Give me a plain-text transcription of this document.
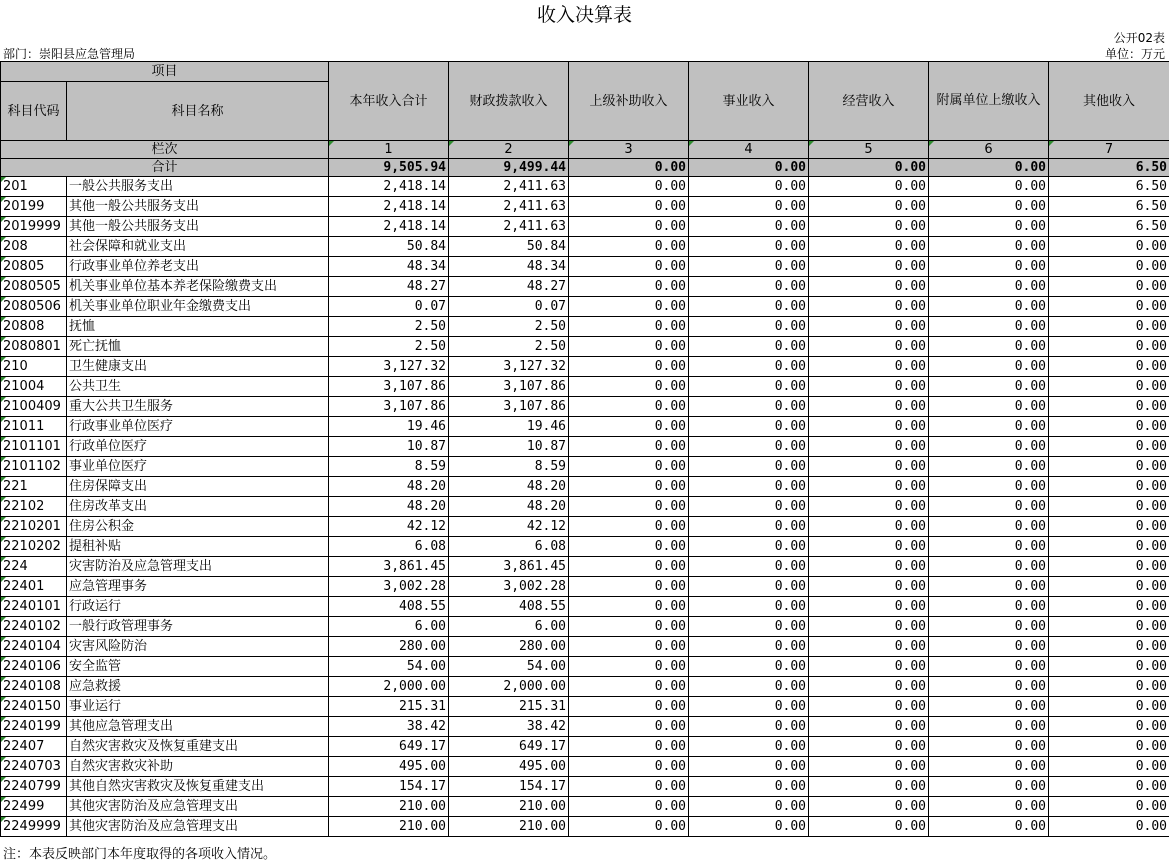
收入决算表
公开02表
部门：崇阳县应急管理局	单位：万元
项目		本年收入合计	财政拨款收入	上级补助收入	事业收入	经营收入	附属单位上缴收入	其他收入
科目代码	科目名称							
栏次		1	2	3	4	5	6	7
合计		9,505.94	9,499.44	0.00	0.00	0.00	0.00	6.50
201	一般公共服务支出	2,418.14	2,411.63	0.00	0.00	0.00	0.00	6.50
20199	其他一般公共服务支出	2,418.14	2,411.63	0.00	0.00	0.00	0.00	6.50
2019999	其他一般公共服务支出	2,418.14	2,411.63	0.00	0.00	0.00	0.00	6.50
208	社会保障和就业支出	50.84	50.84	0.00	0.00	0.00	0.00	0.00
20805	行政事业单位养老支出	48.34	48.34	0.00	0.00	0.00	0.00	0.00
2080505	机关事业单位基本养老保险缴费支出	48.27	48.27	0.00	0.00	0.00	0.00	0.00
2080506	机关事业单位职业年金缴费支出	0.07	0.07	0.00	0.00	0.00	0.00	0.00
20808	抚恤	2.50	2.50	0.00	0.00	0.00	0.00	0.00
2080801	死亡抚恤	2.50	2.50	0.00	0.00	0.00	0.00	0.00
210	卫生健康支出	3,127.32	3,127.32	0.00	0.00	0.00	0.00	0.00
21004	公共卫生	3,107.86	3,107.86	0.00	0.00	0.00	0.00	0.00
2100409	重大公共卫生服务	3,107.86	3,107.86	0.00	0.00	0.00	0.00	0.00
21011	行政事业单位医疗	19.46	19.46	0.00	0.00	0.00	0.00	0.00
2101101	行政单位医疗	10.87	10.87	0.00	0.00	0.00	0.00	0.00
2101102	事业单位医疗	8.59	8.59	0.00	0.00	0.00	0.00	0.00
221	住房保障支出	48.20	48.20	0.00	0.00	0.00	0.00	0.00
22102	住房改革支出	48.20	48.20	0.00	0.00	0.00	0.00	0.00
2210201	住房公积金	42.12	42.12	0.00	0.00	0.00	0.00	0.00
2210202	提租补贴	6.08	6.08	0.00	0.00	0.00	0.00	0.00
224	灾害防治及应急管理支出	3,861.45	3,861.45	0.00	0.00	0.00	0.00	0.00
22401	应急管理事务	3,002.28	3,002.28	0.00	0.00	0.00	0.00	0.00
2240101	行政运行	408.55	408.55	0.00	0.00	0.00	0.00	0.00
2240102	一般行政管理事务	6.00	6.00	0.00	0.00	0.00	0.00	0.00
2240104	灾害风险防治	280.00	280.00	0.00	0.00	0.00	0.00	0.00
2240106	安全监管	54.00	54.00	0.00	0.00	0.00	0.00	0.00
2240108	应急救援	2,000.00	2,000.00	0.00	0.00	0.00	0.00	0.00
2240150	事业运行	215.31	215.31	0.00	0.00	0.00	0.00	0.00
2240199	其他应急管理支出	38.42	38.42	0.00	0.00	0.00	0.00	0.00
22407	自然灾害救灾及恢复重建支出	649.17	649.17	0.00	0.00	0.00	0.00	0.00
2240703	自然灾害救灾补助	495.00	495.00	0.00	0.00	0.00	0.00	0.00
2240799	其他自然灾害救灾及恢复重建支出	154.17	154.17	0.00	0.00	0.00	0.00	0.00
22499	其他灾害防治及应急管理支出	210.00	210.00	0.00	0.00	0.00	0.00	0.00
2249999	其他灾害防治及应急管理支出	210.00	210.00	0.00	0.00	0.00	0.00	0.00
注：本表反映部门本年度取得的各项收入情况。
